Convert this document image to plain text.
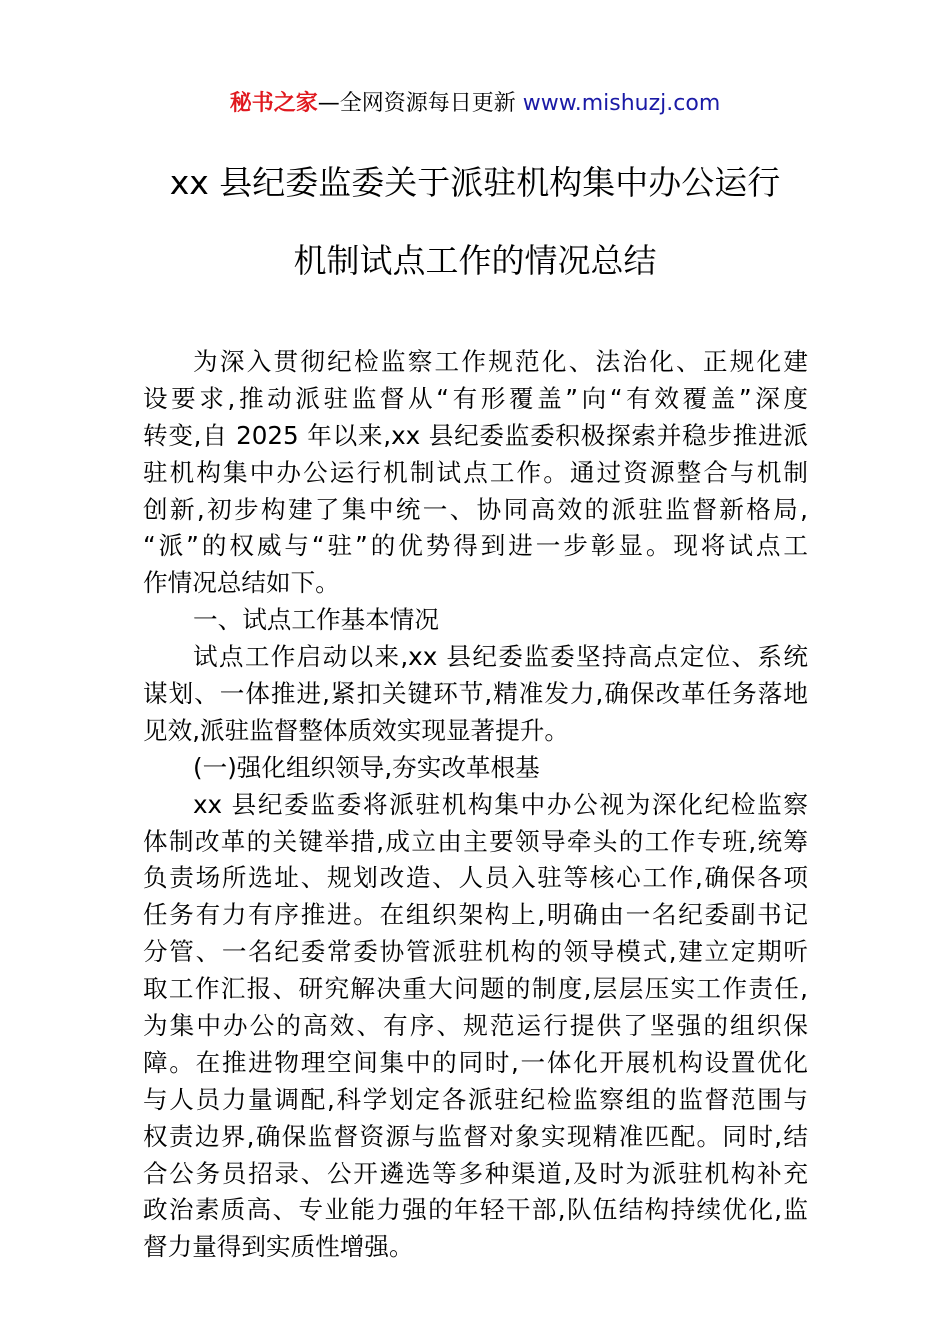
秘书之家—全网资源每日更新 www.mishuzj.com
xx 县纪委监委关于派驻机构集中办公运行
机制试点工作的情况总结
为深入贯彻纪检监察工作规范化、法治化、正规化建
设要求,推动派驻监督从“有形覆盖”向“有效覆盖”深度
转变,自 2025 年以来,xx 县纪委监委积极探索并稳步推进派
驻机构集中办公运行机制试点工作。通过资源整合与机制
创新,初步构建了集中统一、协同高效的派驻监督新格局,
“派”的权威与“驻”的优势得到进一步彰显。现将试点工
作情况总结如下。
一、试点工作基本情况
试点工作启动以来,xx 县纪委监委坚持高点定位、系统
谋划、一体推进,紧扣关键环节,精准发力,确保改革任务落地
见效,派驻监督整体质效实现显著提升。
(一)强化组织领导,夯实改革根基
xx 县纪委监委将派驻机构集中办公视为深化纪检监察
体制改革的关键举措,成立由主要领导牵头的工作专班,统筹
负责场所选址、规划改造、人员入驻等核心工作,确保各项
任务有力有序推进。在组织架构上,明确由一名纪委副书记
分管、一名纪委常委协管派驻机构的领导模式,建立定期听
取工作汇报、研究解决重大问题的制度,层层压实工作责任,
为集中办公的高效、有序、规范运行提供了坚强的组织保
障。在推进物理空间集中的同时,一体化开展机构设置优化
与人员力量调配,科学划定各派驻纪检监察组的监督范围与
权责边界,确保监督资源与监督对象实现精准匹配。同时,结
合公务员招录、公开遴选等多种渠道,及时为派驻机构补充
政治素质高、专业能力强的年轻干部,队伍结构持续优化,监
督力量得到实质性增强。
